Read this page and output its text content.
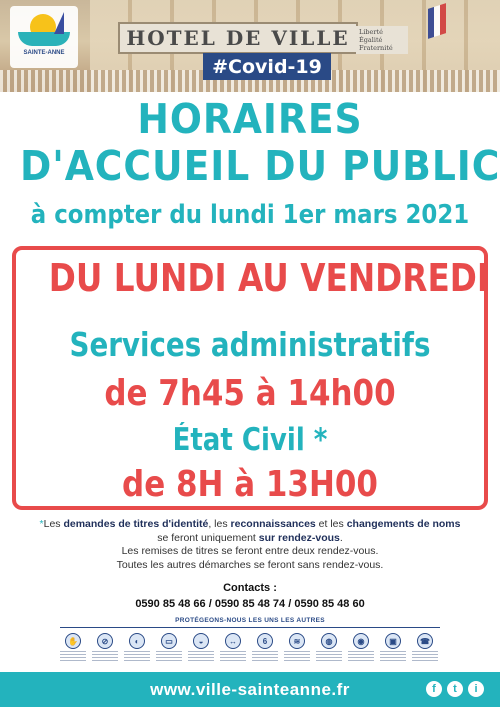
HOTEL DE VILLE	Liberté
Égalité
Fraternité
SAINTE-ANNE
#Covid-19
HORAIRES
D'ACCUEIL DU PUBLIC
à compter du lundi 1er mars 2021
DU LUNDI AU VENDREDI
Services administratifs
de 7h45 à 14h00
État Civil *
de 8H à 13H00
*Les demandes de titres d'identité, les reconnaissances et les changements de noms
se feront uniquement sur rendez-vous.
Les remises de titres se feront entre deux rendez-vous.
Toutes les autres démarches se feront sans rendez-vous.
Contacts :
0590 85 48 66 / 0590 85 48 74 / 0590 85 48 60
PROTÉGEONS-NOUS LES UNS LES AUTRES
✋	⊘	◐	▭	◒	↔	6	≋	◍	◉	▣	☎
www.ville-sainteanne.fr	f	t	i
